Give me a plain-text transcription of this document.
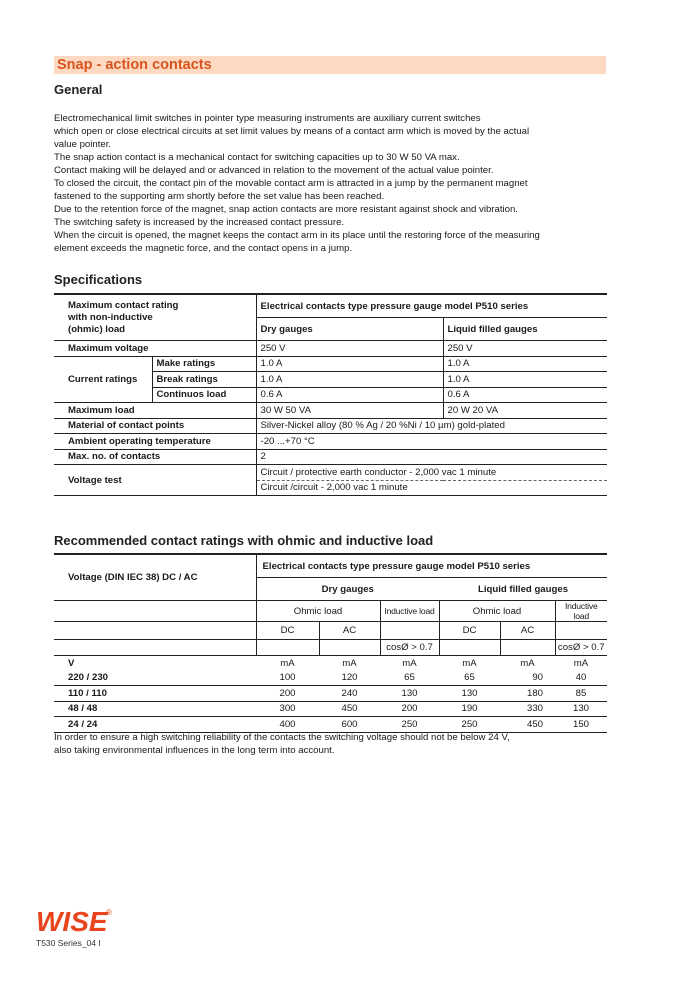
Snap - action contacts
General
Electromechanical limit switches in pointer type measuring instruments are auxiliary current switches
which open or close electrical circuits at set limit values by means of a contact arm which is moved by the actual
value pointer.
The snap action contact is a mechanical contact for switching capacities up to 30 W 50 VA max.
Contact making will be delayed and or advanced in relation to the movement of the actual value pointer.
To closed the circuit, the contact pin of the movable contact arm is attracted in a jump by the permanent magnet
fastened to the supporting arm shortly before the set value has been reached.
Due to the retention force of the magnet, snap action contacts are more resistant against shock and vibration.
The switching safety is increased by the increased contact pressure.
When the circuit is opened, the magnet keeps the contact arm in its place until the restoring force of the measuring
element exceeds the magnetic force, and the contact opens in a jump.
Specifications
Maximum contact rating
with non-inductive
(ohmic) load		Electrical contacts type pressure gauge model P510 series	
		Dry gauges	Liquid filled gauges
Maximum voltage		250 V	250 V
Current ratings	Make ratings	1.0 A	1.0 A
	Break ratings	1.0 A	1.0 A
	Continuos load	0.6 A	0.6 A
Maximum load		30 W 50 VA	20 W 20 VA
Material of contact points		Silver-Nickel alloy (80 % Ag / 20 %Ni / 10 µm) gold-plated	
Ambient operating temperature		-20 ...+70 °C	
Max. no. of contacts		2	
Voltage test		Circuit / protective earth conductor - 2,000 vac 1 minute	
		Circuit /circuit - 2,000 vac 1 minute	
Recommended contact ratings with ohmic and inductive load
Voltage (DIN IEC 38) DC / AC	Electrical contacts type pressure gauge model P510 series					
	Dry gauges			Liquid filled gauges		
	Ohmic load		Inductive load	Ohmic load		Inductive load
	DC	AC		DC	AC	
			cosØ > 0.7			cosØ > 0.7
V	mA	mA	mA	mA	mA	mA
220 / 230	100	120	65	65	90	40
110 / 110	200	240	130	130	180	85
48 / 48	300	450	200	190	330	130
24 / 24	400	600	250	250	450	150
In order to ensure a high switching reliability of the contacts the switching voltage should not be below 24 V,
also taking environmental influences in the long term into account.
WISE
®
T530 Series_04 I
